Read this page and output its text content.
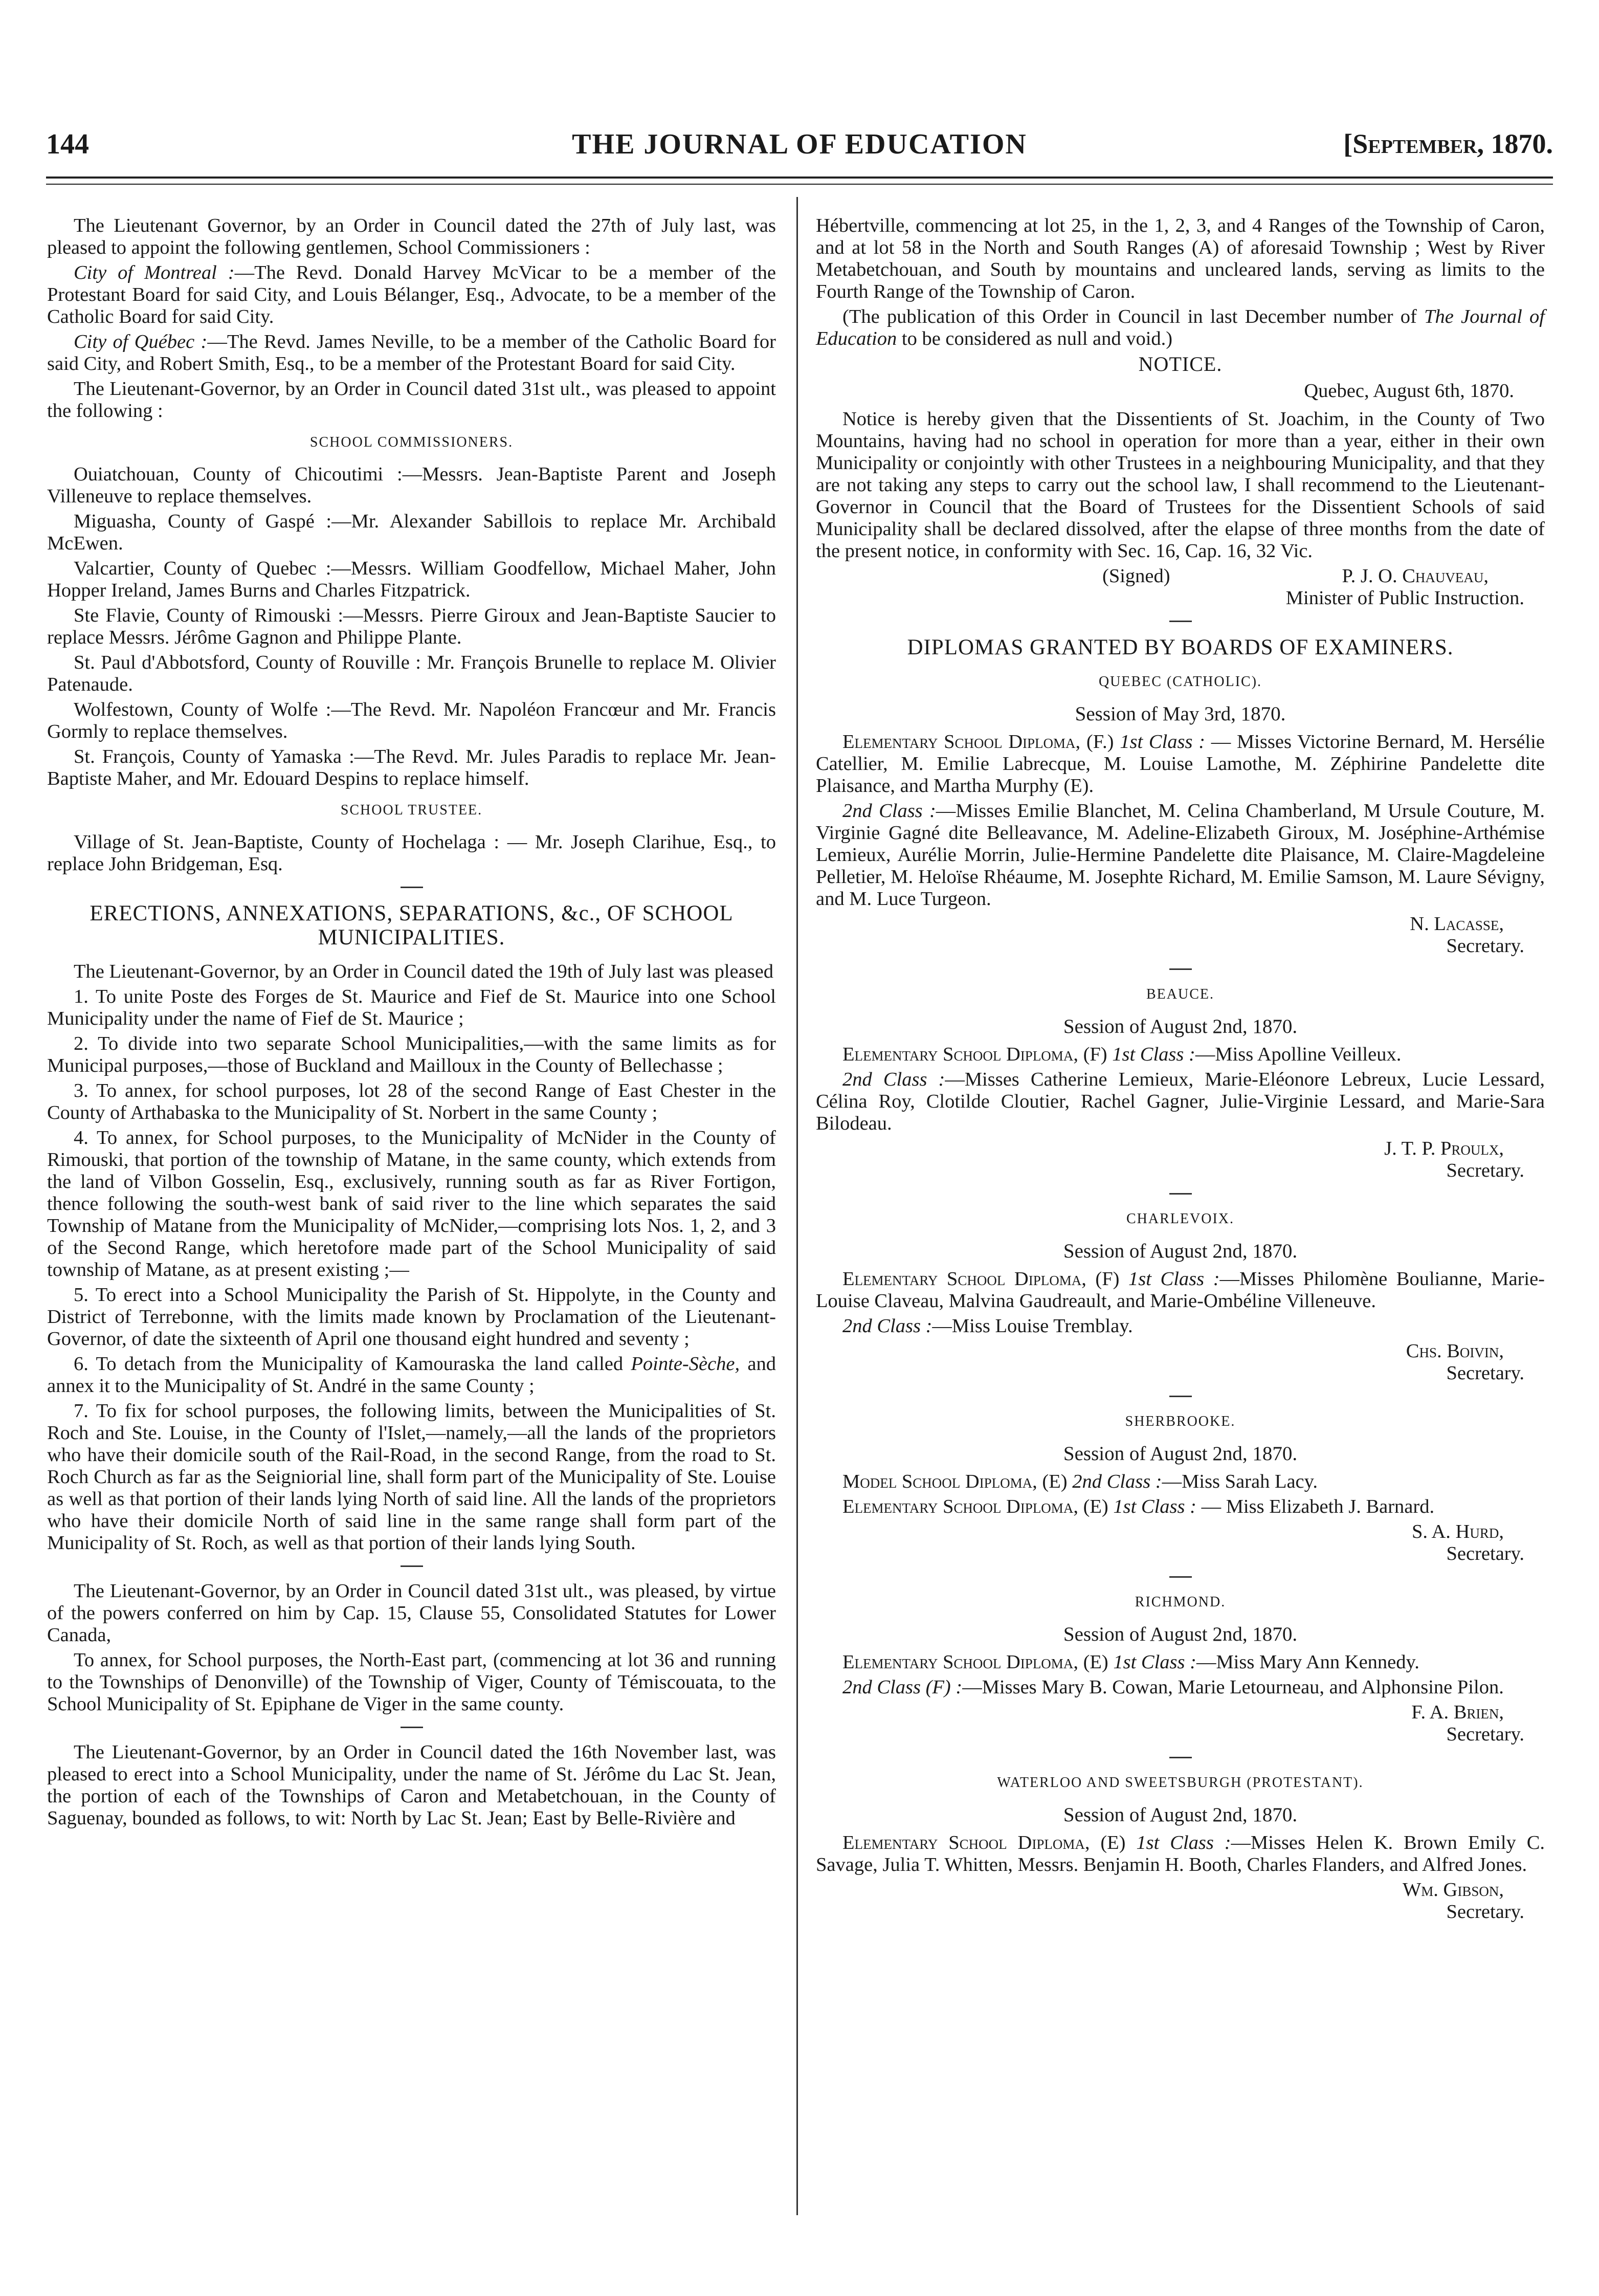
144	THE JOURNAL OF EDUCATION	[September, 1870.

The Lieutenant Governor, by an Order in Council dated the 27th of July last, was pleased to appoint the following gentlemen, School Commissioners :

City of Montreal :—The Revd. Donald Harvey McVicar to be a member of the Protestant Board for said City, and Louis Bélanger, Esq., Advocate, to be a member of the Catholic Board for said City.

City of Québec :—The Revd. James Neville, to be a member of the Catholic Board for said City, and Robert Smith, Esq., to be a member of the Protestant Board for said City.

The Lieutenant-Governor, by an Order in Council dated 31st ult., was pleased to appoint the following :

SCHOOL COMMISSIONERS.

Ouiatchouan, County of Chicoutimi :—Messrs. Jean-Baptiste Parent and Joseph Villeneuve to replace themselves.

Miguasha, County of Gaspé :—Mr. Alexander Sabillois to replace Mr. Archibald McEwen.

Valcartier, County of Quebec :—Messrs. William Goodfellow, Michael Maher, John Hopper Ireland, James Burns and Charles Fitzpatrick.

Ste Flavie, County of Rimouski :—Messrs. Pierre Giroux and Jean-Baptiste Saucier to replace Messrs. Jérôme Gagnon and Philippe Plante.

St. Paul d'Abbotsford, County of Rouville : Mr. François Brunelle to replace M. Olivier Patenaude.

Wolfestown, County of Wolfe :—The Revd. Mr. Napoléon Francœur and Mr. Francis Gormly to replace themselves.

St. François, County of Yamaska :—The Revd. Mr. Jules Paradis to replace Mr. Jean-Baptiste Maher, and Mr. Edouard Despins to replace himself.

SCHOOL TRUSTEE.

Village of St. Jean-Baptiste, County of Hochelaga : — Mr. Joseph Clarihue, Esq., to replace John Bridgeman, Esq.

ERECTIONS, ANNEXATIONS, SEPARATIONS, &c., OF SCHOOL MUNICIPALITIES.

The Lieutenant-Governor, by an Order in Council dated the 19th of July last was pleased

1. To unite Poste des Forges de St. Maurice and Fief de St. Maurice into one School Municipality under the name of Fief de St. Maurice ;

2. To divide into two separate School Municipalities,—with the same limits as for Municipal purposes,—those of Buckland and Mailloux in the County of Bellechasse ;

3. To annex, for school purposes, lot 28 of the second Range of East Chester in the County of Arthabaska to the Municipality of St. Norbert in the same County ;

4. To annex, for School purposes, to the Municipality of McNider in the County of Rimouski, that portion of the township of Matane, in the same county, which extends from the land of Vilbon Gosselin, Esq., exclusively, running south as far as River Fortigon, thence following the south-west bank of said river to the line which separates the said Township of Matane from the Municipality of McNider,—comprising lots Nos. 1, 2, and 3 of the Second Range, which heretofore made part of the School Municipality of said township of Matane, as at present existing ;—

5. To erect into a School Municipality the Parish of St. Hippolyte, in the County and District of Terrebonne, with the limits made known by Proclamation of the Lieutenant-Governor, of date the sixteenth of April one thousand eight hundred and seventy ;

6. To detach from the Municipality of Kamouraska the land called Pointe-Sèche, and annex it to the Municipality of St. André in the same County ;

7. To fix for school purposes, the following limits, between the Municipalities of St. Roch and Ste. Louise, in the County of l'Islet,—namely,—all the lands of the proprietors who have their domicile south of the Rail-Road, in the second Range, from the road to St. Roch Church as far as the Seigniorial line, shall form part of the Municipality of Ste. Louise as well as that portion of their lands lying North of said line. All the lands of the proprietors who have their domicile North of said line in the same range shall form part of the Municipality of St. Roch, as well as that portion of their lands lying South.

The Lieutenant-Governor, by an Order in Council dated 31st ult., was pleased, by virtue of the powers conferred on him by Cap. 15, Clause 55, Consolidated Statutes for Lower Canada,

To annex, for School purposes, the North-East part, (commencing at lot 36 and running to the Townships of Denonville) of the Township of Viger, County of Témiscouata, to the School Municipality of St. Epiphane de Viger in the same county.

The Lieutenant-Governor, by an Order in Council dated the 16th November last, was pleased to erect into a School Municipality, under the name of St. Jérôme du Lac St. Jean, the portion of each of the Townships of Caron and Metabetchouan, in the County of Saguenay, bounded as follows, to wit: North by Lac St. Jean; East by Belle-Rivière and

Hébertville, commencing at lot 25, in the 1, 2, 3, and 4 Ranges of the Township of Caron, and at lot 58 in the North and South Ranges (A) of aforesaid Township ; West by River Metabetchouan, and South by mountains and uncleared lands, serving as limits to the Fourth Range of the Township of Caron.

(The publication of this Order in Council in last December number of The Journal of Education to be considered as null and void.)

NOTICE.
Quebec, August 6th, 1870.

Notice is hereby given that the Dissentients of St. Joachim, in the County of Two Mountains, having had no school in operation for more than a year, either in their own Municipality or conjointly with other Trustees in a neighbouring Municipality, and that they are not taking any steps to carry out the school law, I shall recommend to the Lieutenant-Governor in Council that the Board of Trustees for the Dissentient Schools of said Municipality shall be declared dissolved, after the elapse of three months from the date of the present notice, in conformity with Sec. 16, Cap. 16, 32 Vic.

(Signed)	P. J. O. Chauveau,
Minister of Public Instruction.
DIPLOMAS GRANTED BY BOARDS OF EXAMINERS.
QUEBEC (CATHOLIC).
Session of May 3rd, 1870.

Elementary School Diploma, (F.) 1st Class : — Misses Victorine Bernard, M. Hersélie Catellier, M. Emilie Labrecque, M. Louise Lamothe, M. Zéphirine Pandelette dite Plaisance, and Martha Murphy (E).

2nd Class :—Misses Emilie Blanchet, M. Celina Chamberland, M Ursule Couture, M. Virginie Gagné dite Belleavance, M. Adeline-Elizabeth Giroux, M. Joséphine-Arthémise Lemieux, Aurélie Morrin, Julie-Hermine Pandelette dite Plaisance, M. Claire-Magdeleine Pelletier, M. Heloïse Rhéaume, M. Josephte Richard, M. Emilie Samson, M. Laure Sévigny, and M. Luce Turgeon.

N. Lacasse,
Secretary.
BEAUCE.
Session of August 2nd, 1870.

Elementary School Diploma, (F) 1st Class :—Miss Apolline Veilleux.

2nd Class :—Misses Catherine Lemieux, Marie-Eléonore Lebreux, Lucie Lessard, Célina Roy, Clotilde Cloutier, Rachel Gagner, Julie-Virginie Lessard, and Marie-Sara Bilodeau.

J. T. P. Proulx,
Secretary.
CHARLEVOIX.
Session of August 2nd, 1870.

Elementary School Diploma, (F) 1st Class :—Misses Philomène Boulianne, Marie-Louise Claveau, Malvina Gaudreault, and Marie-Ombéline Villeneuve.

2nd Class :—Miss Louise Tremblay.

Chs. Boivin,
Secretary.
SHERBROOKE.
Session of August 2nd, 1870.

Model School Diploma, (E) 2nd Class :—Miss Sarah Lacy.

Elementary School Diploma, (E) 1st Class : — Miss Elizabeth J. Barnard.

S. A. Hurd,
Secretary.
RICHMOND.
Session of August 2nd, 1870.

Elementary School Diploma, (E) 1st Class :—Miss Mary Ann Kennedy.

2nd Class (F) :—Misses Mary B. Cowan, Marie Letourneau, and Alphonsine Pilon.

F. A. Brien,
Secretary.
WATERLOO AND SWEETSBURGH (PROTESTANT).
Session of August 2nd, 1870.

Elementary School Diploma, (E) 1st Class :—Misses Helen K. Brown Emily C. Savage, Julia T. Whitten, Messrs. Benjamin H. Booth, Charles Flanders, and Alfred Jones.

Wm. Gibson,
Secretary.
